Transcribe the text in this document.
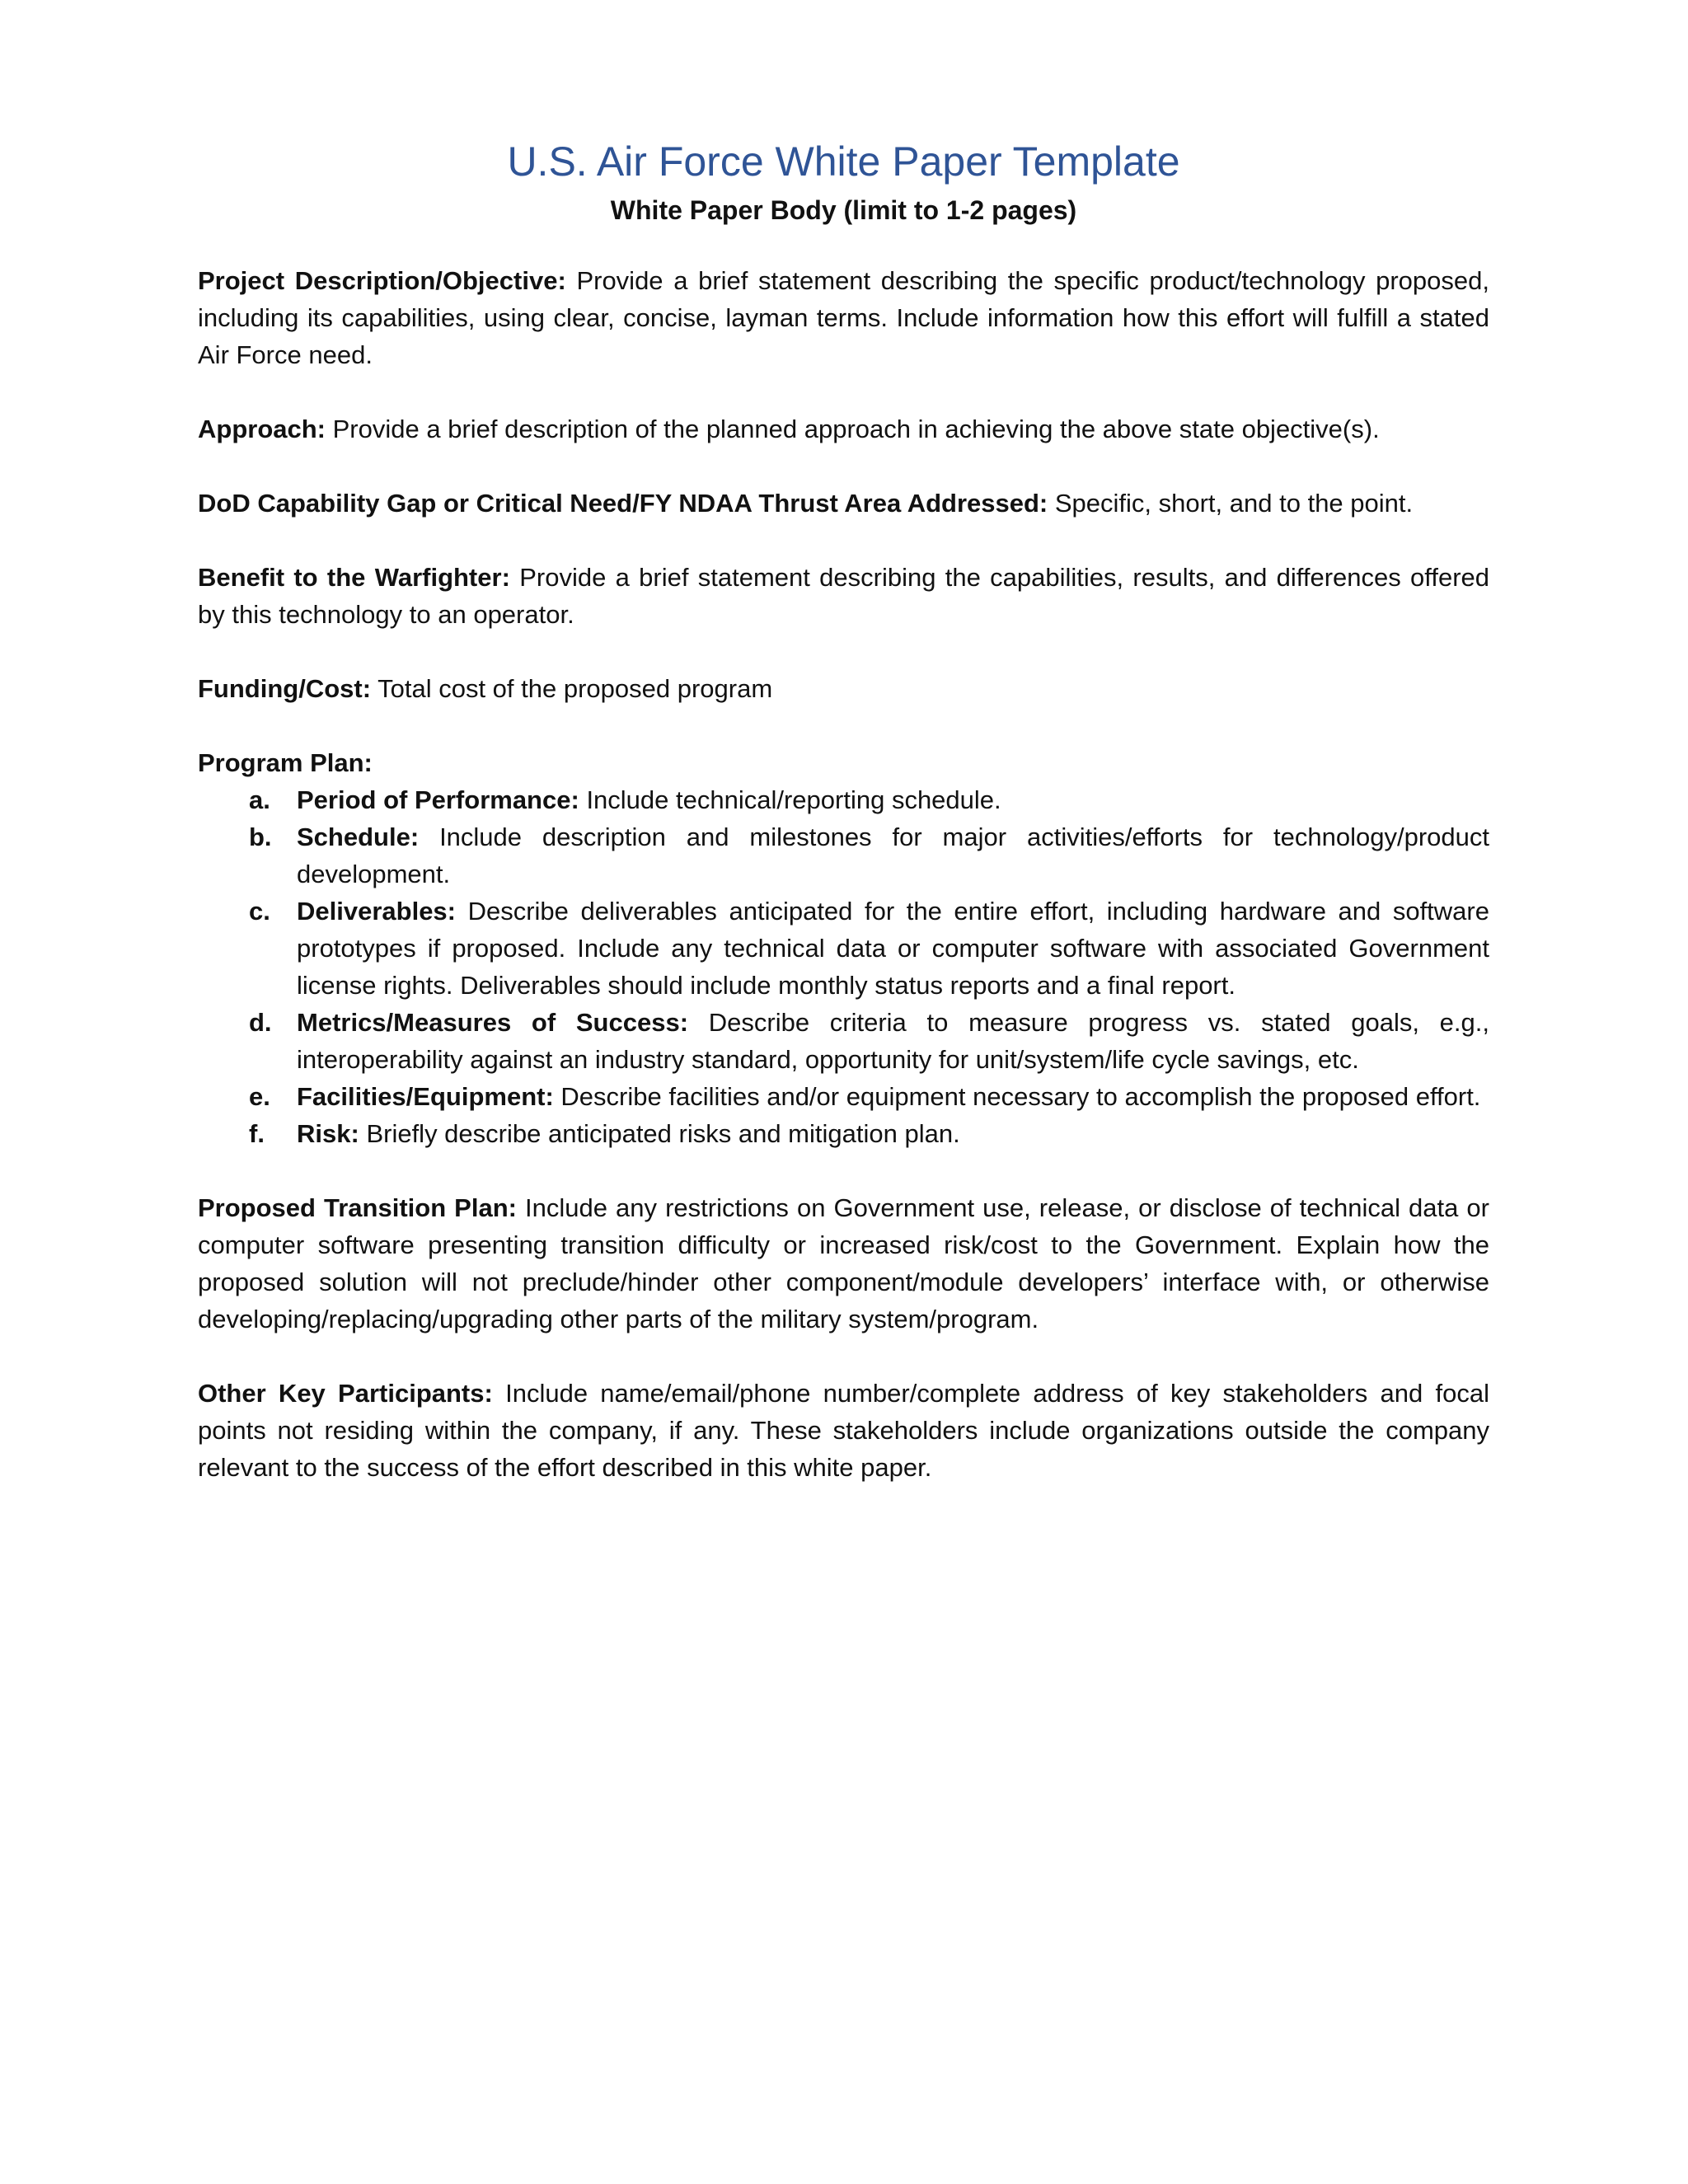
U.S. Air Force White Paper Template
White Paper Body (limit to 1-2 pages)

Project Description/Objective: Provide a brief statement describing the specific product/technology proposed, including its capabilities, using clear, concise, layman terms. Include information how this effort will fulfill a stated Air Force need.

Approach: Provide a brief description of the planned approach in achieving the above state objective(s).

DoD Capability Gap or Critical Need/FY NDAA Thrust Area Addressed: Specific, short, and to the point.

Benefit to the Warfighter: Provide a brief statement describing the capabilities, results, and differences offered by this technology to an operator.

Funding/Cost: Total cost of the proposed program

Program Plan:
a. Period of Performance: Include technical/reporting schedule.
b. Schedule: Include description and milestones for major activities/efforts for technology/product development.
c. Deliverables: Describe deliverables anticipated for the entire effort, including hardware and software prototypes if proposed. Include any technical data or computer software with associated Government license rights. Deliverables should include monthly status reports and a final report.
d. Metrics/Measures of Success: Describe criteria to measure progress vs. stated goals, e.g., interoperability against an industry standard, opportunity for unit/system/life cycle savings, etc.
e. Facilities/Equipment: Describe facilities and/or equipment necessary to accomplish the proposed effort.
f. Risk: Briefly describe anticipated risks and mitigation plan.

Proposed Transition Plan: Include any restrictions on Government use, release, or disclose of technical data or computer software presenting transition difficulty or increased risk/cost to the Government. Explain how the proposed solution will not preclude/hinder other component/module developers’ interface with, or otherwise developing/replacing/upgrading other parts of the military system/program.

Other Key Participants: Include name/email/phone number/complete address of key stakeholders and focal points not residing within the company, if any. These stakeholders include organizations outside the company relevant to the success of the effort described in this white paper.
